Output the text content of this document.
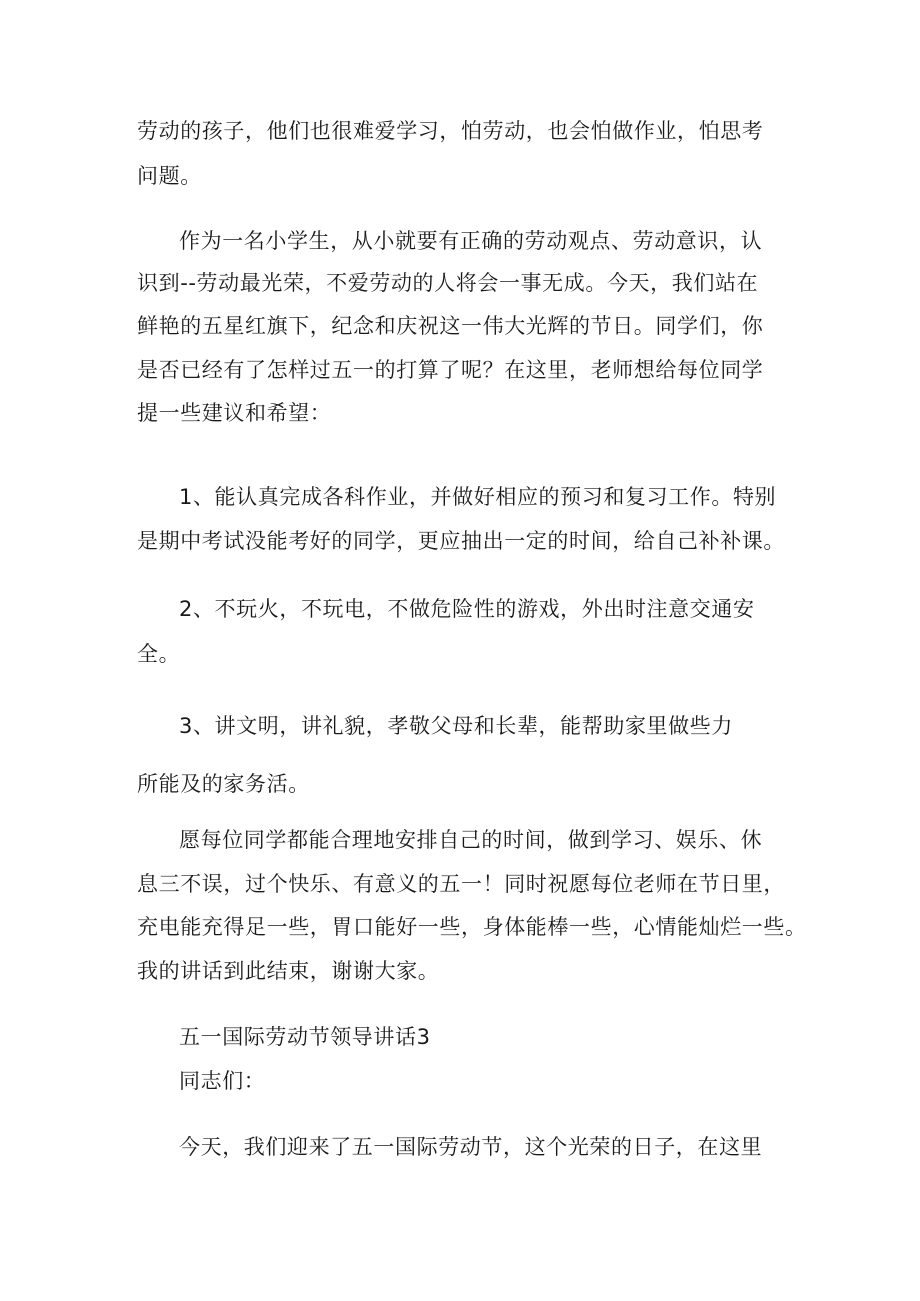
劳动的孩子，他们也很难爱学习，怕劳动，也会怕做作业，怕思考
问题。
作为一名小学生，从小就要有正确的劳动观点、劳动意识，认
识到--劳动最光荣，不爱劳动的人将会一事无成。今天，我们站在
鲜艳的五星红旗下，纪念和庆祝这一伟大光辉的节日。同学们，你
是否已经有了怎样过五一的打算了呢？在这里，老师想给每位同学
提一些建议和希望：
1、能认真完成各科作业，并做好相应的预习和复习工作。特别
是期中考试没能考好的同学，更应抽出一定的时间，给自己补补课。
2、不玩火，不玩电，不做危险性的游戏，外出时注意交通安
全。
3、讲文明，讲礼貌，孝敬父母和长辈，能帮助家里做些力
所能及的家务活。
愿每位同学都能合理地安排自己的时间，做到学习、娱乐、休
息三不误，过个快乐、有意义的五一！同时祝愿每位老师在节日里，
充电能充得足一些，胃口能好一些，身体能棒一些，心情能灿烂一些。
我的讲话到此结束，谢谢大家。
五一国际劳动节领导讲话3
同志们：
今天，我们迎来了五一国际劳动节，这个光荣的日子，在这里
